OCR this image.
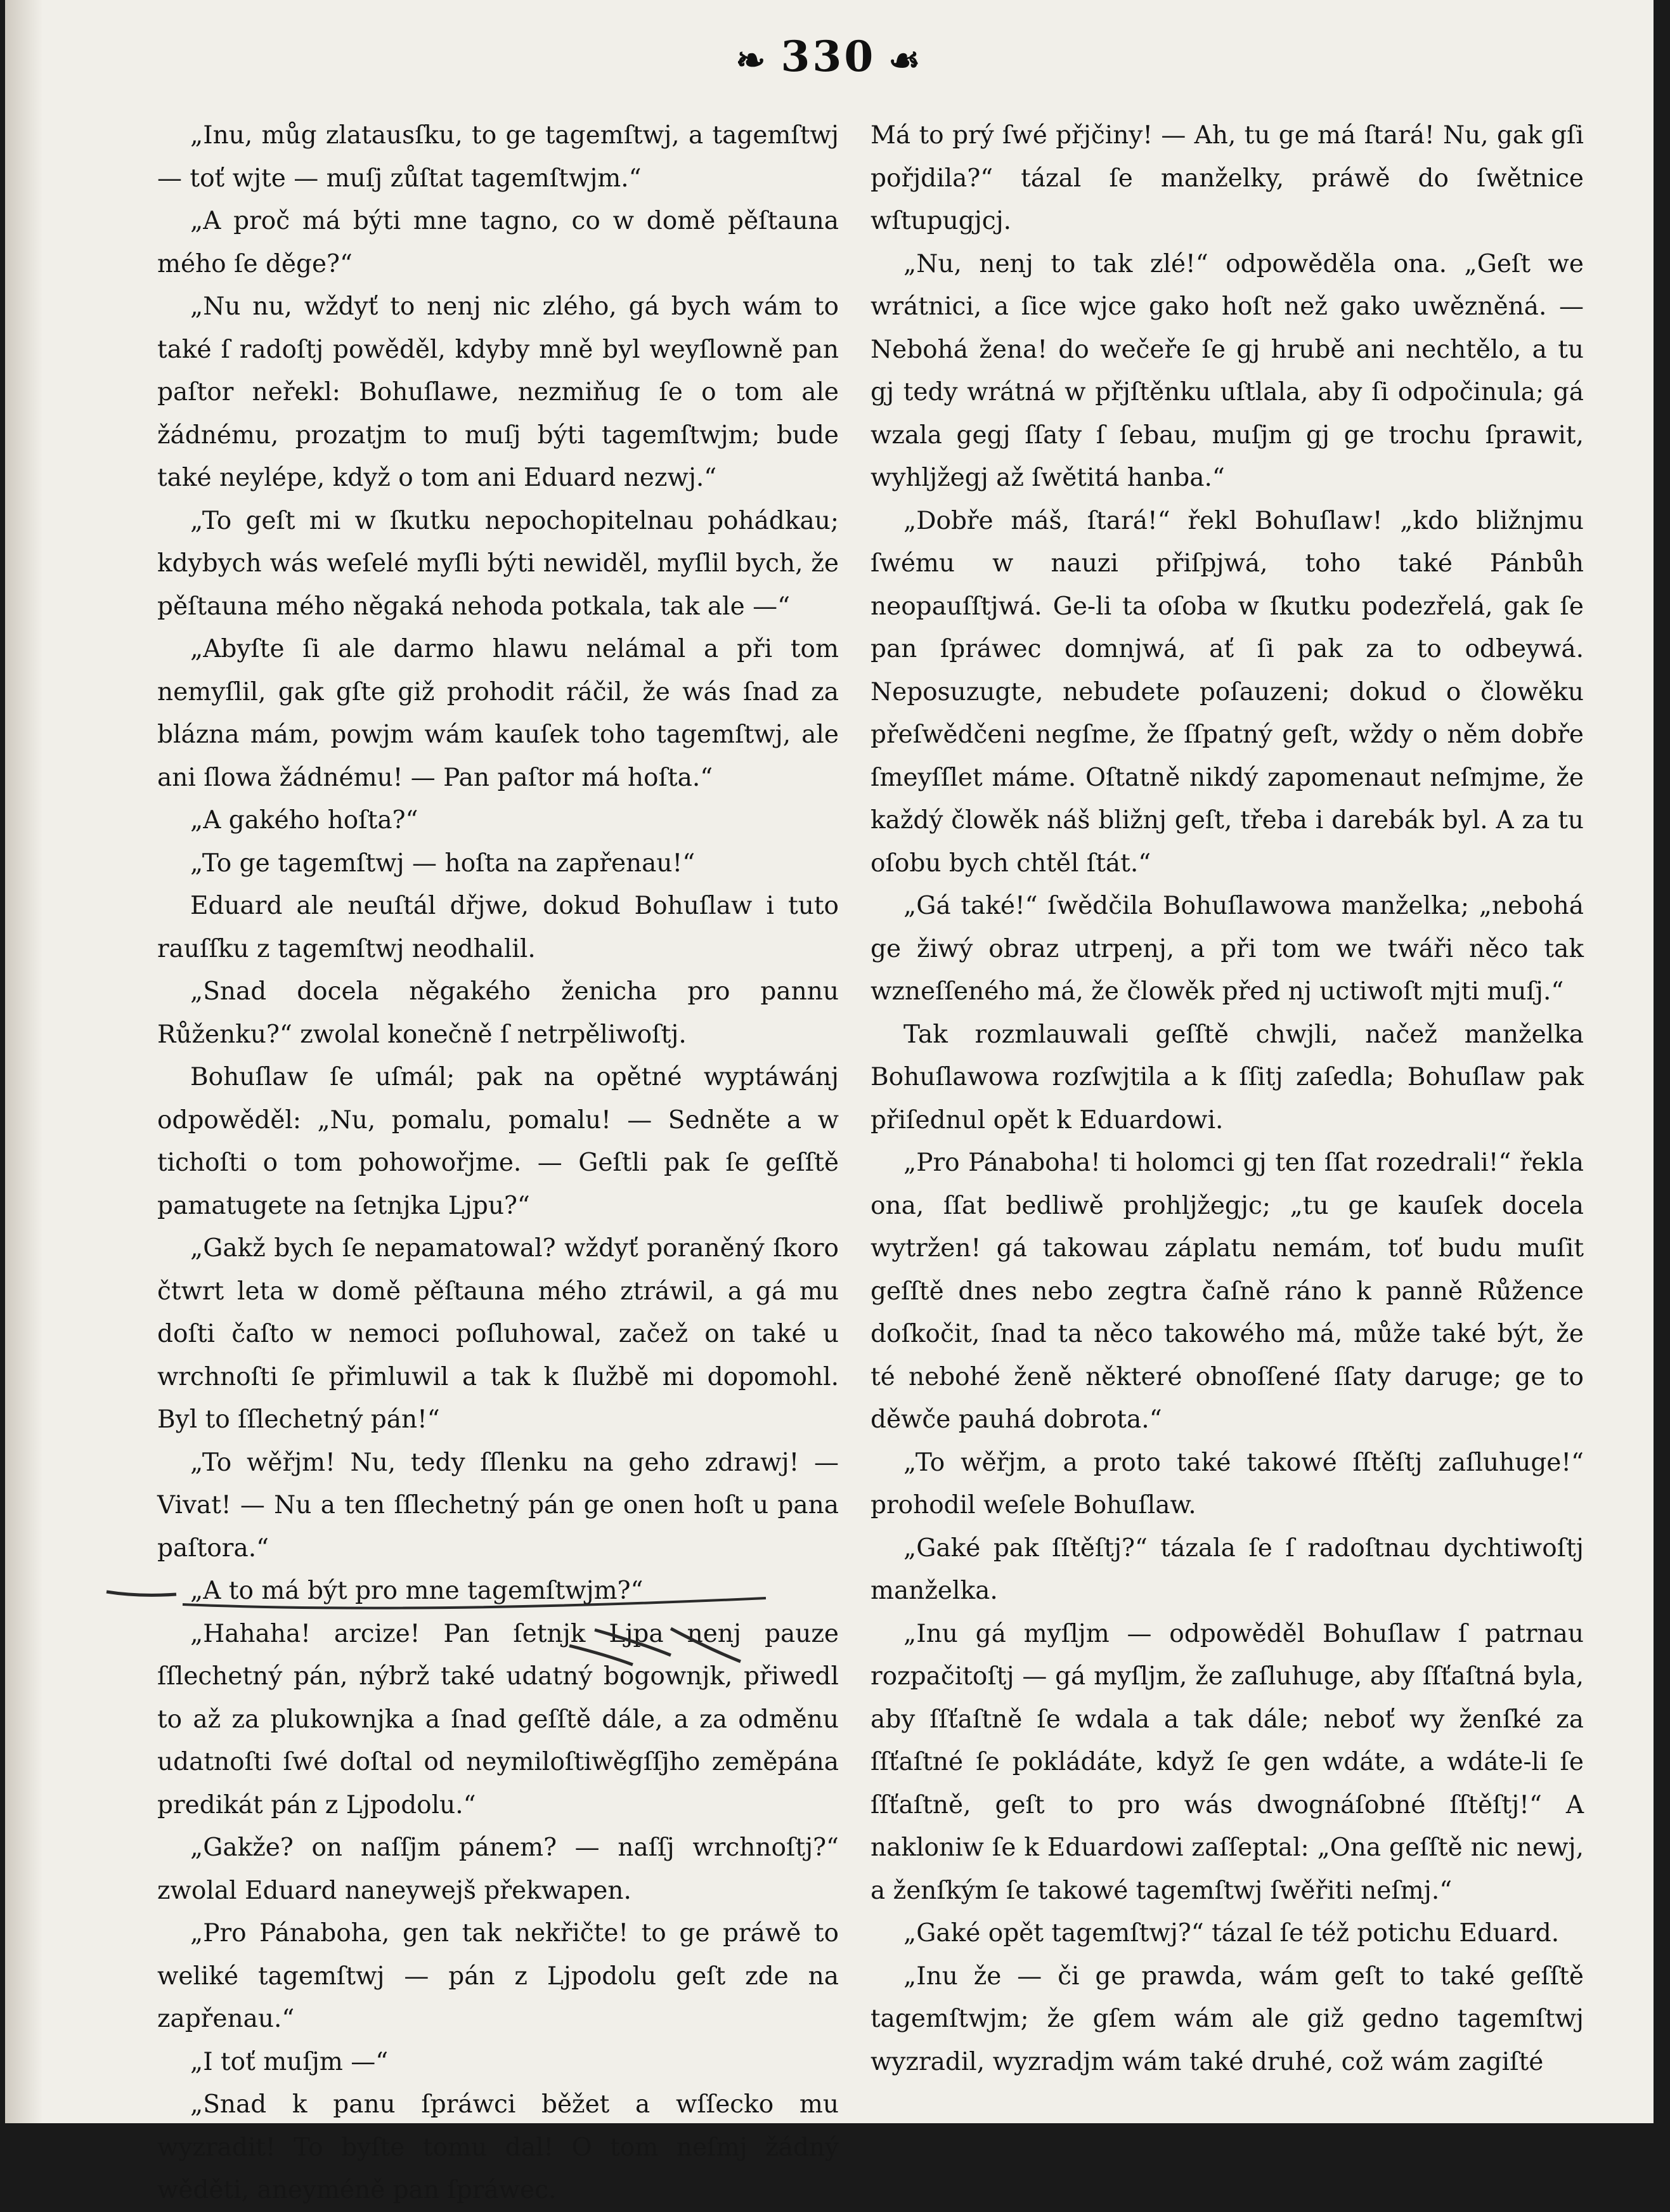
❧ 330 ☙

„Inu, můg zlatausſku, to ge tagemſtwj, a tagemſtwj — toť wjte — muſj zůſtat tagemſtwjm.“

„A proč má býti mne tagno, co w domě pěſtauna mého ſe děge?“

„Nu nu, wždyť to nenj nic zlého, gá bych wám to také ſ radoſtj powěděl, kdyby mně byl weyſlowně pan paſtor neřekl: Bohuſlawe, nezmiňug ſe o tom ale žádnému, prozatjm to muſj býti tagemſtwjm; bude také neylépe, když o tom ani Eduard nezwj.“

„To geſt mi w ſkutku nepochopitelnau pohádkau; kdybych wás weſelé myſli býti newiděl, myſlil bych, že pěſtauna mého něgaká nehoda potkala, tak ale —“

„Abyſte ſi ale darmo hlawu nelámal a při tom nemyſlil, gak gſte giž prohodit ráčil, že wás ſnad za blázna mám, powjm wám kauſek toho tagemſtwj, ale ani ſlowa žádnému! — Pan paſtor má hoſta.“

„A gakého hoſta?“

„To ge tagemſtwj — hoſta na zapřenau!“

Eduard ale neuſtál dřjwe, dokud Bohuſlaw i tuto rauſſku z tagemſtwj neodhalil.

„Snad docela něgakého ženicha pro pannu Růženku?“ zwolal konečně ſ netrpěliwoſtj.

Bohuſlaw ſe uſmál; pak na opětné wyptáwánj odpowěděl: „Nu, pomalu, pomalu! — Sedněte a w tichoſti o tom pohowořjme. — Geſtli pak ſe geſſtě pamatugete na ſetnjka Ljpu?“

„Gakž bych ſe nepamatowal? wždyť poraněný ſkoro čtwrt leta w domě pěſtauna mého ztráwil, a gá mu doſti čaſto w nemoci poſluhowal, začež on také u wrchnoſti ſe přimluwil a tak k ſlužbě mi dopomohl. Byl to ſſlechetný pán!“

„To wěřjm! Nu, tedy ſſlenku na geho zdrawj! — Vivat! — Nu a ten ſſlechetný pán ge onen hoſt u pana paſtora.“

„A to má být pro mne tagemſtwjm?“

„Hahaha! arcize! Pan ſetnjk Ljpa nenj pauze ſſlechetný pán, nýbrž také udatný bogownjk, přiwedl to až za plukownjka a ſnad geſſtě dále, a za odměnu udatnoſti ſwé doſtal od neymiloſtiwěgſſjho zeměpána predikát pán z Ljpodolu.“

„Gakže? on naſſjm pánem? — naſſj wrchnoſtj?“ zwolal Eduard naneywejš překwapen.

„Pro Pánaboha, gen tak nekřičte! to ge práwě to weliké tagemſtwj — pán z Ljpodolu geſt zde na zapřenau.“

„I toť muſjm —“

„Snad k panu ſpráwci běžet a wſſecko mu wyzradit! To byſte tomu dal! O tom neſmj žádný wěděti, aneyméně pan ſpráwec.

Má to prý ſwé přjčiny! — Ah, tu ge má ſtará! Nu, gak gſi pořjdila?“ tázal ſe manželky, práwě do ſwětnice wſtupugjcj.

„Nu, nenj to tak zlé!“ odpowěděla ona. „Geſt we wrátnici, a ſice wjce gako hoſt než gako uwězněná. — Nebohá žena! do wečeře ſe gj hrubě ani nechtělo, a tu gj tedy wrátná w přjſtěnku uſtlala, aby ſi odpočinula; gá wzala gegj ſſaty ſ ſebau, muſjm gj ge trochu ſprawit, wyhljžegj až ſwětitá hanba.“

„Dobře máš, ſtará!“ řekl Bohuſlaw! „kdo bližnjmu ſwému w nauzi přiſpjwá, toho také Pánbůh neopauſſtjwá. Ge-li ta oſoba w ſkutku podezřelá, gak ſe pan ſpráwec domnjwá, ať ſi pak za to odbeywá. Neposuzugte, nebudete poſauzeni; dokud o člowěku přeſwědčeni negſme, že ſſpatný geſt, wždy o něm dobře ſmeyſſlet máme. Oſtatně nikdý zapomenaut neſmjme, že každý člowěk náš bližnj geſt, třeba i darebák byl. A za tu oſobu bych chtěl ſtát.“

„Gá také!“ ſwědčila Bohuſlawowa manželka; „nebohá ge žiwý obraz utrpenj, a při tom we twáři něco tak wzneſſeného má, že člowěk před nj uctiwoſt mjti muſj.“

Tak rozmlauwali geſſtě chwjli, načež manželka Bohuſlawowa rozſwjtila a k ſſitj zaſedla; Bohuſlaw pak přiſednul opět k Eduardowi.

„Pro Pánaboha! ti holomci gj ten ſſat rozedrali!“ řekla ona, ſſat bedliwě prohljžegjc; „tu ge kauſek docela wytržen! gá takowau záplatu nemám, toť budu muſit geſſtě dnes nebo zegtra čaſně ráno k panně Růžence doſkočit, ſnad ta něco takowého má, může také být, že té nebohé ženě některé obnoſſené ſſaty daruge; ge to děwče pauhá dobrota.“

„To wěřjm, a proto také takowé ſſtěſtj zaſluhuge!“ prohodil weſele Bohuſlaw.

„Gaké pak ſſtěſtj?“ tázala ſe ſ radoſtnau dychtiwoſtj manželka.

„Inu gá myſljm — odpowěděl Bohuſlaw ſ patrnau rozpačitoſtj — gá myſljm, že zaſluhuge, aby ſſťaſtná byla, aby ſſťaſtně ſe wdala a tak dále; neboť wy ženſké za ſſťaſtné ſe pokládáte, když ſe gen wdáte, a wdáte-li ſe ſſťaſtně, geſt to pro wás dwognáſobné ſſtěſtj!“ A nakloniw ſe k Eduardowi zaſſeptal: „Ona geſſtě nic newj, a ženſkým ſe takowé tagemſtwj ſwěřiti neſmj.“

„Gaké opět tagemſtwj?“ tázal ſe též potichu Eduard.

„Inu že — či ge prawda, wám geſt to také geſſtě tagemſtwjm; že gſem wám ale giž gedno tagemſtwj wyzradil, wyzradjm wám také druhé, což wám zagiſté
